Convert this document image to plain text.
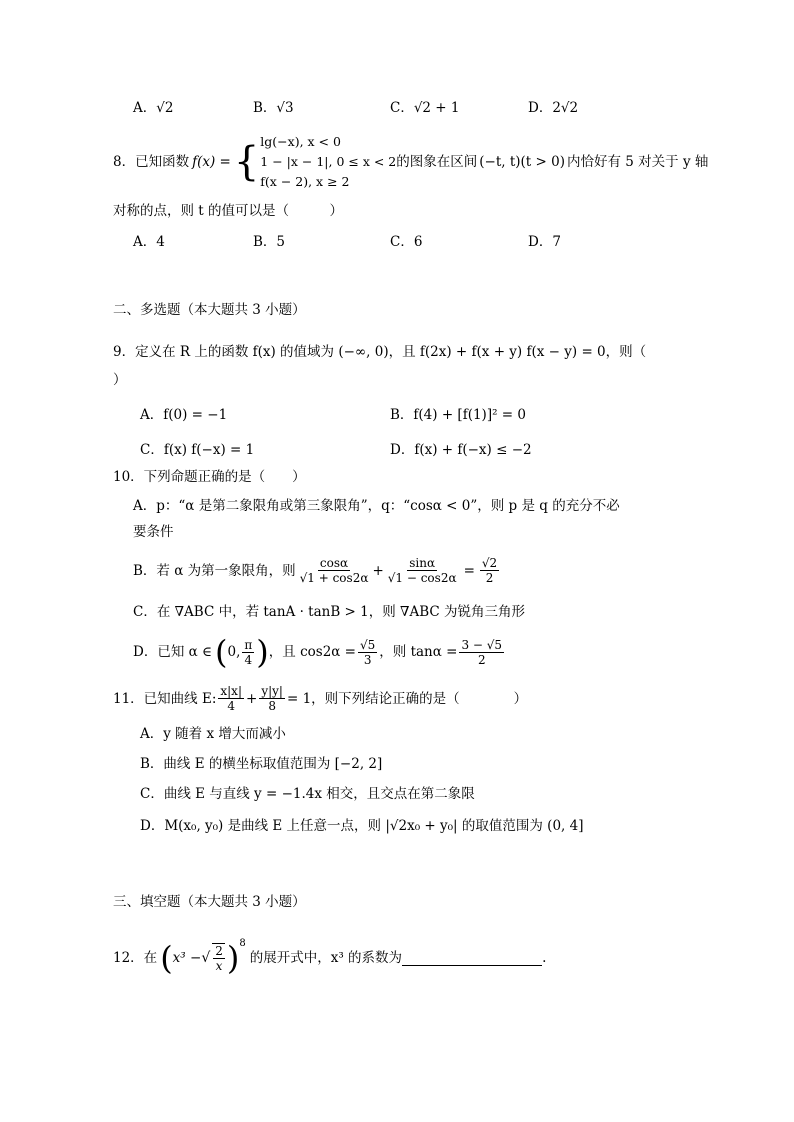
A．√2	B．√3	C．√2 + 1	D．2√2
8． 已知函数 f(x) = { lg(−x), x < 0
1 − |x − 1|, 0 ≤ x < 2
f(x − 2), x ≥ 2
的图象在区间 (−t, t)(t > 0) 内恰好有 5 对关于 y 轴
对称的点，则 t 的值可以是（　　　）
A．4	B．5	C．6	D．7
二、多选题（本大题共 3 小题）
9．定义在 R 上的函数 f(x) 的值域为 (−∞, 0)，且 f(2x) + f(x + y) f(x − y) = 0，则（
）
A．f(0) = −1	B．f(4) + [f(1)]² = 0
C．f(x) f(−x) = 1	D．f(x) + f(−x) ≤ −2
10．下列命题正确的是（　　）
A．p：“α 是第二象限角或第三象限角”，q：“cosα < 0”，则 p 是 q 的充分不必
要条件
B．若 α 为第一象限角，则 $\frac{\cos\alpha}{√1 + \cos 2\alpha} + \frac{\sin\alpha}{√1 - \cos 2\alpha} = \frac{√2}{2}$
C．在 ∇ABC 中，若 tanA · tanB > 1，则 ∇ABC 为锐角三角形
D．已知 α ∈ ( 0, $\frac{\pi}{4}$ ) ，且 $\cos 2\alpha = \frac{√5}{3}$ ，则 $\tan\alpha = \frac{3 - √5}{2}$
11．已知曲线 E: $\frac{x|x|}{4} + \frac{y|y|}{8} = 1$，则下列结论正确的是（　　　　）
A．y 随着 x 增大而减小
B．曲线 E 的横坐标取值范围为 [−2, 2]
C．曲线 E 与直线 y = −1.4x 相交，且交点在第二象限
D．M(x₀, y₀) 是曲线 E 上任意一点，则 |√2x₀ + y₀| 的取值范围为 (0, 4]
三、填空题（本大题共 3 小题）
12．在 ( x³ − √ $\frac{2}{x} )^8$
的展开式中，x³ 的系数为	.
